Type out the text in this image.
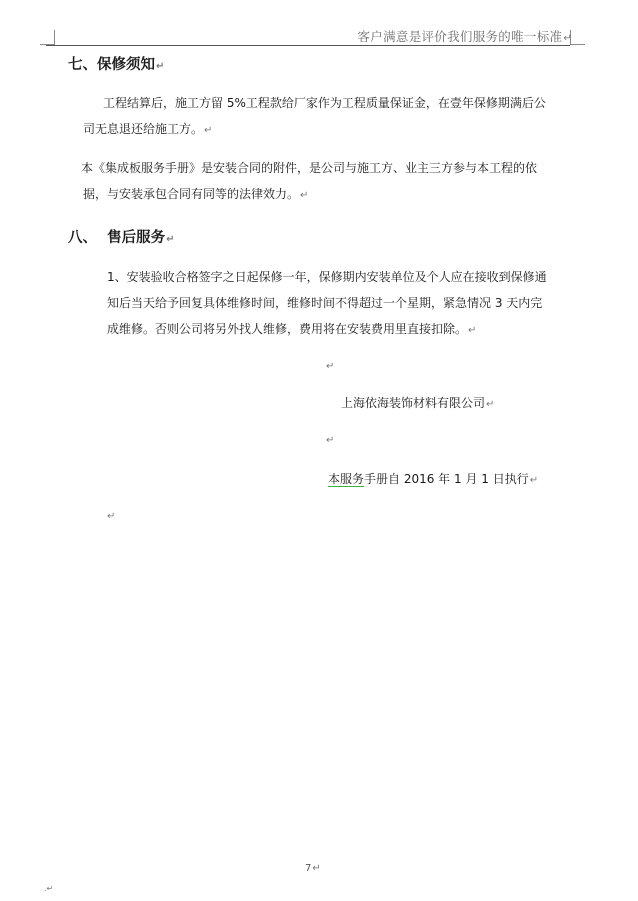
客户满意是评价我们服务的唯一标准↵
七、保修须知↵
工程结算后，施工方留 5%工程款给厂家作为工程质量保证金，在壹年保修期满后公
司无息退还给施工方。↵
本《集成板服务手册》是安装合同的附件，是公司与施工方、业主三方参与本工程的依
据，与安装承包合同有同等的法律效力。↵
八、  售后服务↵
1、安装验收合格签字之日起保修一年，保修期内安装单位及个人应在接收到保修通
知后当天给予回复具体维修时间，维修时间不得超过一个星期，紧急情况 3 天内完
成维修。否则公司将另外找人维修，费用将在安装费用里直接扣除。↵
↵
上海依海装饰材料有限公司↵
↵
本服务手册自 2016 年 1 月 1 日执行↵
↵
7↵
.↵
